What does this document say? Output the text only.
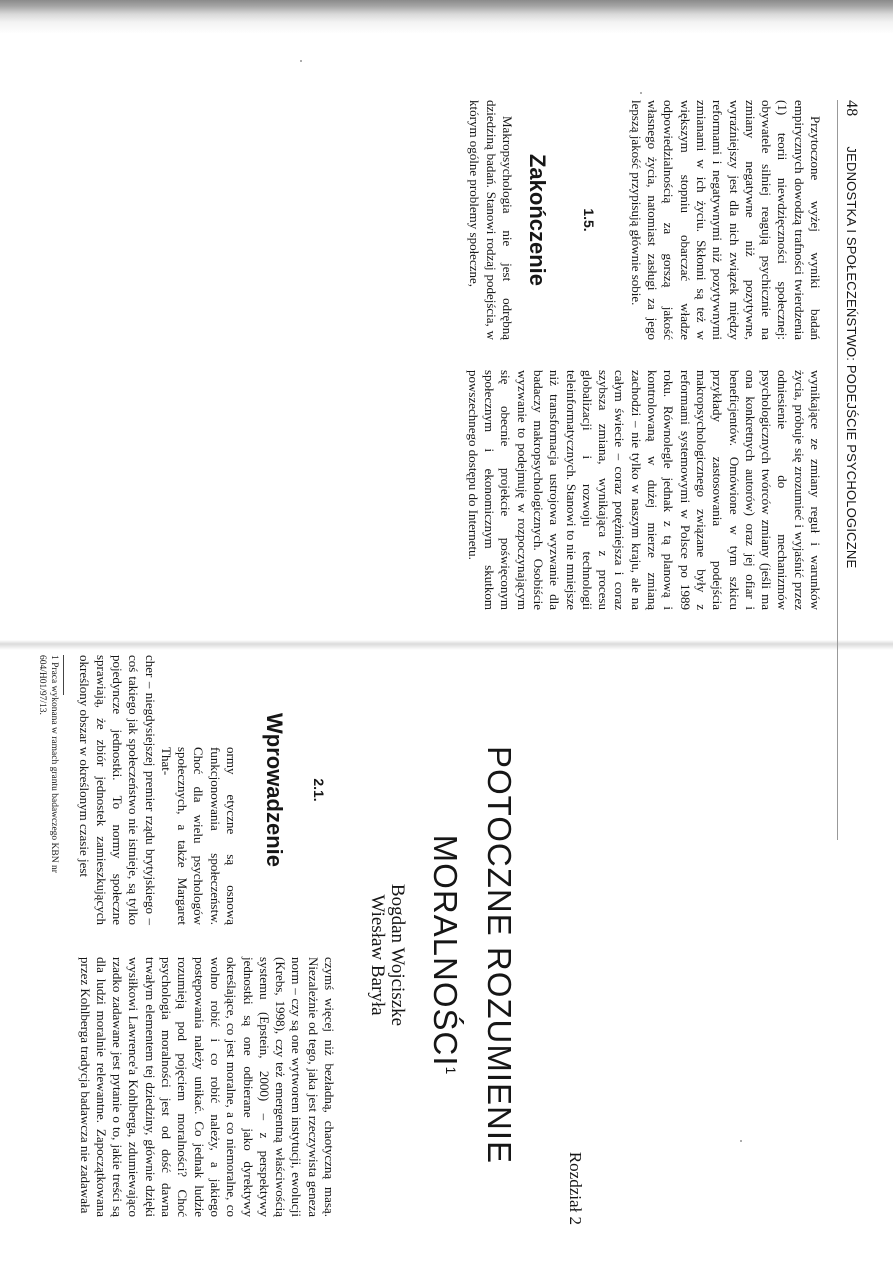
48
JEDNOSTKA I SPOŁECZEŃSTWO: PODEJŚCIE PSYCHOLOGICZNE

Przytoczone wyżej wyniki badań empirycznych dowodzą trafności twierdzenia (1) teorii niewdzięczności społecznej: obywatele silniej reagują psychicznie na zmiany negatywne niż pozytywne, wyraźniejszy jest dla nich związek między reformami i negatywnymi niż pozytywnymi zmianami w ich życiu. Skłonni są też w większym stopniu obarczać władze odpowiedzialnością za gorszą jakość własnego życia, natomiast zasługi za jego lepszą jakość przypisują głównie sobie.

1.5.
Zakończenie

Makropsychologia nie jest odrębną dziedziną badań. Stanowi rodzaj podejścia, w którym ogólne problemy społeczne,

wynikające ze zmiany reguł i warunków życia, próbuje się zrozumieć i wyjaśnić przez odniesienie do mechanizmów psychologicznych twórców zmiany (jeśli ma ona konkretnych autorów) oraz jej ofiar i beneficjentów. Omówione w tym szkicu przykłady zastosowania podejścia makropsychologicznego związane były z reformami systemowymi w Polsce po 1989 roku. Równolegle jednak z tą planową i kontrolowaną w dużej mierze zmianą zachodzi – nie tylko w naszym kraju, ale na całym świecie – coraz potężniejsza i coraz szybsza zmiana, wynikająca z procesu globalizacji i rozwoju technologii teleinformatycznych. Stanowi to nie mniejsze niż transformacja ustrojowa wyzwanie dla badaczy makropsychologicznych. Osobiście wyzwanie to podejmuję w rozpoczynającym się obecnie projekcie poświęconym społecznym i ekonomicznym skutkom powszechnego dostępu do Internetu.

Rozdział 2
POTOCZNE ROZUMIENIE
MORALNOŚCI$^1$
Bogdan Wojciszke
Wiesław Baryła
2.1.
Wprowadzenie
ormy etyczne są osnową funkcjonowania społeczeństw. Choć dla wielu psychologów społecznych, a także Margaret That-
cher – niegdysiejszej premier rządu brytyjskiego – coś takiego jak społeczeństwo nie istnieje, są tylko pojedyncze jednostki. To normy społeczne sprawiają, że zbiór jednostek zamieszkujących określony obszar w określonym czasie jest
1 Praca wykonana w ramach grantu badawczego KBN nr 604/H01/97/13.
czymś więcej niż bezładną, chaotyczną masą. Niezależnie od tego, jaka jest rzeczywista geneza norm – czy są one wytworem instytucji, ewolucji (Krebs, 1998), czy też emergentną właściwością systemu (Epstein, 2000) – z perspektywy jednostki są one odbierane jako dyrektywy określające, co jest moralne, a co niemoralne, co wolno robić i co robić należy, a jakiego postępowania należy unikać. Co jednak ludzie rozumieją pod pojęciem moralności? Choć psychologia moralności jest od dość dawna trwałym elementem tej dziedziny, głównie dzięki wysiłkowi Lawrence'a Kohlberga, zdumiewająco rzadko zadawane jest pytanie o to, jakie treści są dla ludzi moralnie relewantne. Zapoczątkowana przez Kohlberga tradycja badawcza nie zadawała
